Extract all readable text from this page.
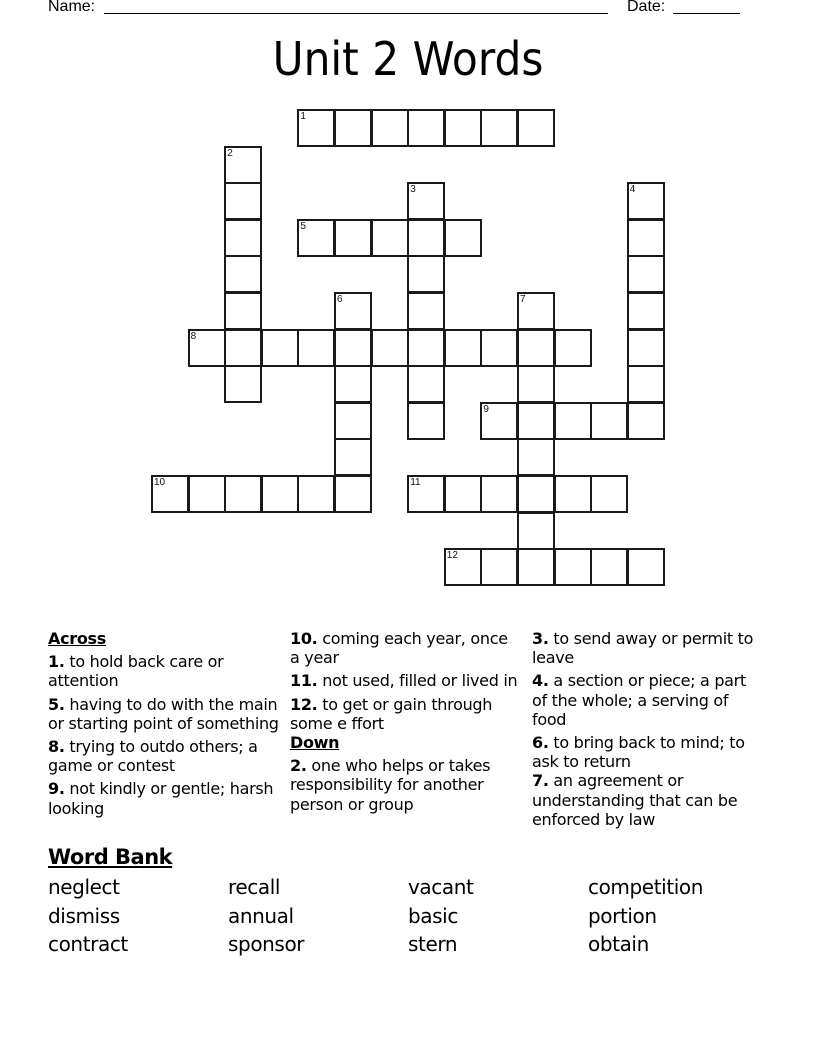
Name:	Date:
Unit 2 Words
1
2
3	4
5
6	7
8
9
10	11
12
Across
1. to hold back care or attention
5. having to do with the main or starting point of something
8. trying to outdo others; a game or contest
9. not kindly or gentle; harsh looking
10. coming each year, once a year
11. not used, filled or lived in
12. to get or gain through some e ffort
Down
2. one who helps or takes responsibility for another person or group
3. to send away or permit to leave
4. a section or piece; a part of the whole; a serving of food
6. to bring back to mind; to ask to return
7. an agreement or understanding that can be enforced by law
Word Bank
neglect	recall	vacant	competition
dismiss	annual	basic	portion
contract	sponsor	stern	obtain
